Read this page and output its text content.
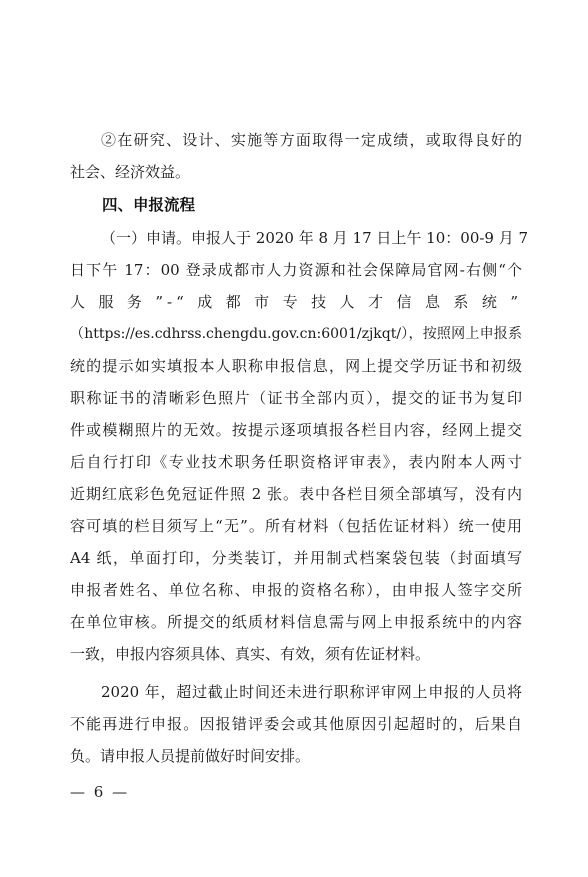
②在研究、设计、实施等方面取得一定成绩，或取得良好的
社会、经济效益。
四、申报流程
（一）申请。申报人于 2020 年 8 月 17 日上午 10：00-9 月 7
日下午 17：00 登录成都市人力资源和社会保障局官网-右侧“个
人服务”-“成都市专技人才信息系统”
（https://es.cdhrss.chengdu.gov.cn:6001/zjkqt/），按照网上申报系
统的提示如实填报本人职称申报信息，网上提交学历证书和初级
职称证书的清晰彩色照片（证书全部内页），提交的证书为复印
件或模糊照片的无效。按提示逐项填报各栏目内容，经网上提交
后自行打印《专业技术职务任职资格评审表》，表内附本人两寸
近期红底彩色免冠证件照 2 张。表中各栏目须全部填写，没有内
容可填的栏目须写上“无”。所有材料（包括佐证材料）统一使用
A4 纸，单面打印，分类装订，并用制式档案袋包装（封面填写
申报者姓名、单位名称、申报的资格名称），由申报人签字交所
在单位审核。所提交的纸质材料信息需与网上申报系统中的内容
一致，申报内容须具体、真实、有效，须有佐证材料。
2020 年，超过截止时间还未进行职称评审网上申报的人员将
不能再进行申报。因报错评委会或其他原因引起超时的，后果自
负。请申报人员提前做好时间安排。
— 6 —
